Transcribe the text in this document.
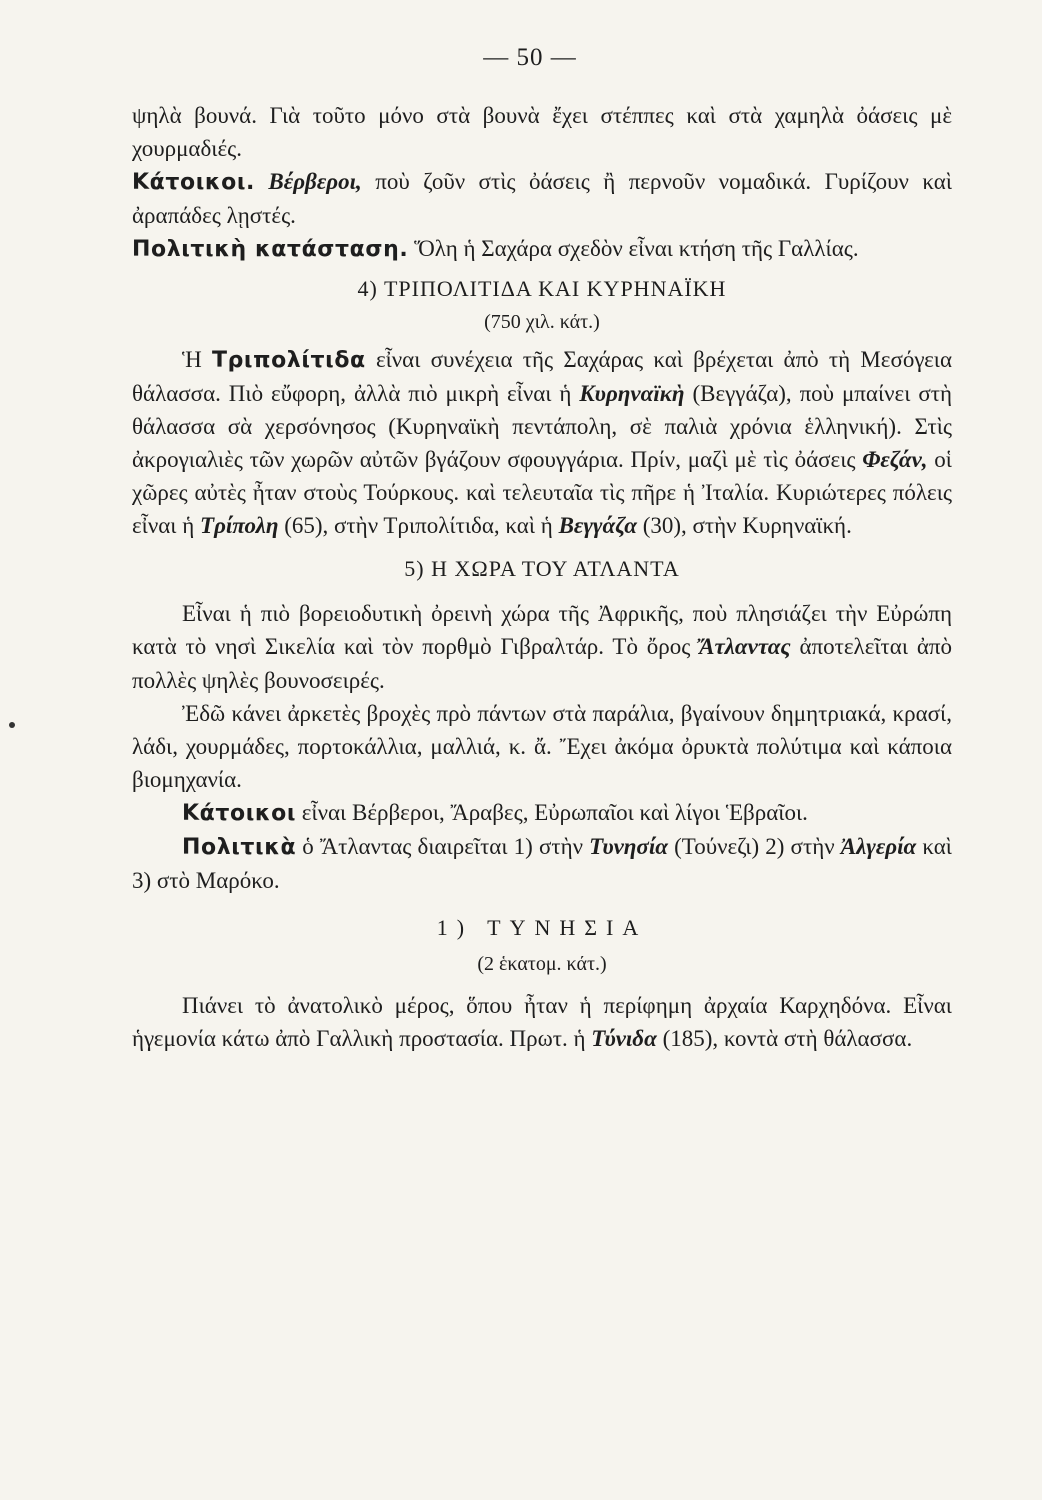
— 50 —

ψηλὰ βουνά. Γιὰ τοῦτο μόνο στὰ βουνὰ ἔχει στέππες καὶ στὰ χαμηλὰ ὀάσεις μὲ χουρμαδιές.

Κάτοικοι. Βέρβεροι, ποὺ ζοῦν στὶς ὀάσεις ἢ περνοῦν νομαδικά. Γυρίζουν καὶ ἀραπάδες λῃστές.

Πολιτικὴ κατάσταση. Ὅλη ἡ Σαχάρα σχεδὸν εἶναι κτήση τῆς Γαλλίας.

4) ΤΡΙΠΟΛΙΤΙΔΑ ΚΑΙ ΚΥΡΗΝΑΪΚΗ
(750 χιλ. κάτ.)

Ἡ Τριπολίτιδα εἶναι συνέχεια τῆς Σαχάρας καὶ βρέχεται ἀπὸ τὴ Μεσόγεια θάλασσα. Πιὸ εὔφορη, ἀλλὰ πιὸ μικρὴ εἶναι ἡ Κυρηναϊκὴ (Βεγγάζα), ποὺ μπαίνει στὴ θάλασσα σὰ χερσόνησος (Κυρηναϊκὴ πεντάπολη, σὲ παλιὰ χρόνια ἑλληνική). Στὶς ἀκρογιαλιὲς τῶν χωρῶν αὐτῶν βγάζουν σφουγγάρια. Πρίν, μαζὶ μὲ τὶς ὀάσεις Φεζάν, οἱ χῶρες αὐτὲς ἦταν στοὺς Τούρκους. καὶ τελευταῖα τὶς πῆρε ἡ Ἰταλία. Κυριώτερες πόλεις εἶναι ἡ Τρίπολη (65), στὴν Τριπολίτιδα, καὶ ἡ Βεγγάζα (30), στὴν Κυρηναϊκή.

5) Η ΧΩΡΑ ΤΟΥ ΑΤΛΑΝΤΑ

Εἶναι ἡ πιὸ βορειοδυτικὴ ὀρεινὴ χώρα τῆς Ἀφρικῆς, ποὺ πλησιάζει τὴν Εὐρώπη κατὰ τὸ νησὶ Σικελία καὶ τὸν πορθμὸ Γιβραλτάρ. Τὸ ὄρος Ἄτλαντας ἀποτελεῖται ἀπὸ πολλὲς ψηλὲς βουνοσειρές.

Ἐδῶ κάνει ἀρκετὲς βροχὲς πρὸ πάντων στὰ παράλια, βγαίνουν δημητριακά, κρασί, λάδι, χουρμάδες, πορτοκάλλια, μαλλιά, κ. ἄ. Ἔχει ἀκόμα ὀρυκτὰ πολύτιμα καὶ κάποια βιομηχανία.

Κάτοικοι εἶναι Βέρβεροι, Ἄραβες, Εὐρωπαῖοι καὶ λίγοι Ἑβραῖοι.

Πολιτικὰ ὁ Ἄτλαντας διαιρεῖται 1) στὴν Τυνησία (Τούνεζι) 2) στὴν Ἀλγερία καὶ 3) στὸ Μαρόκο.

1) ΤΥΝΗΣΙΑ
(2 ἑκατομ. κάτ.)

Πιάνει τὸ ἀνατολικὸ μέρος, ὅπου ἦταν ἡ περίφημη ἀρχαία Καρχηδόνα. Εἶναι ἡγεμονία κάτω ἀπὸ Γαλλικὴ προστασία. Πρωτ. ἡ Τύνιδα (185), κοντὰ στὴ θάλασσα.
